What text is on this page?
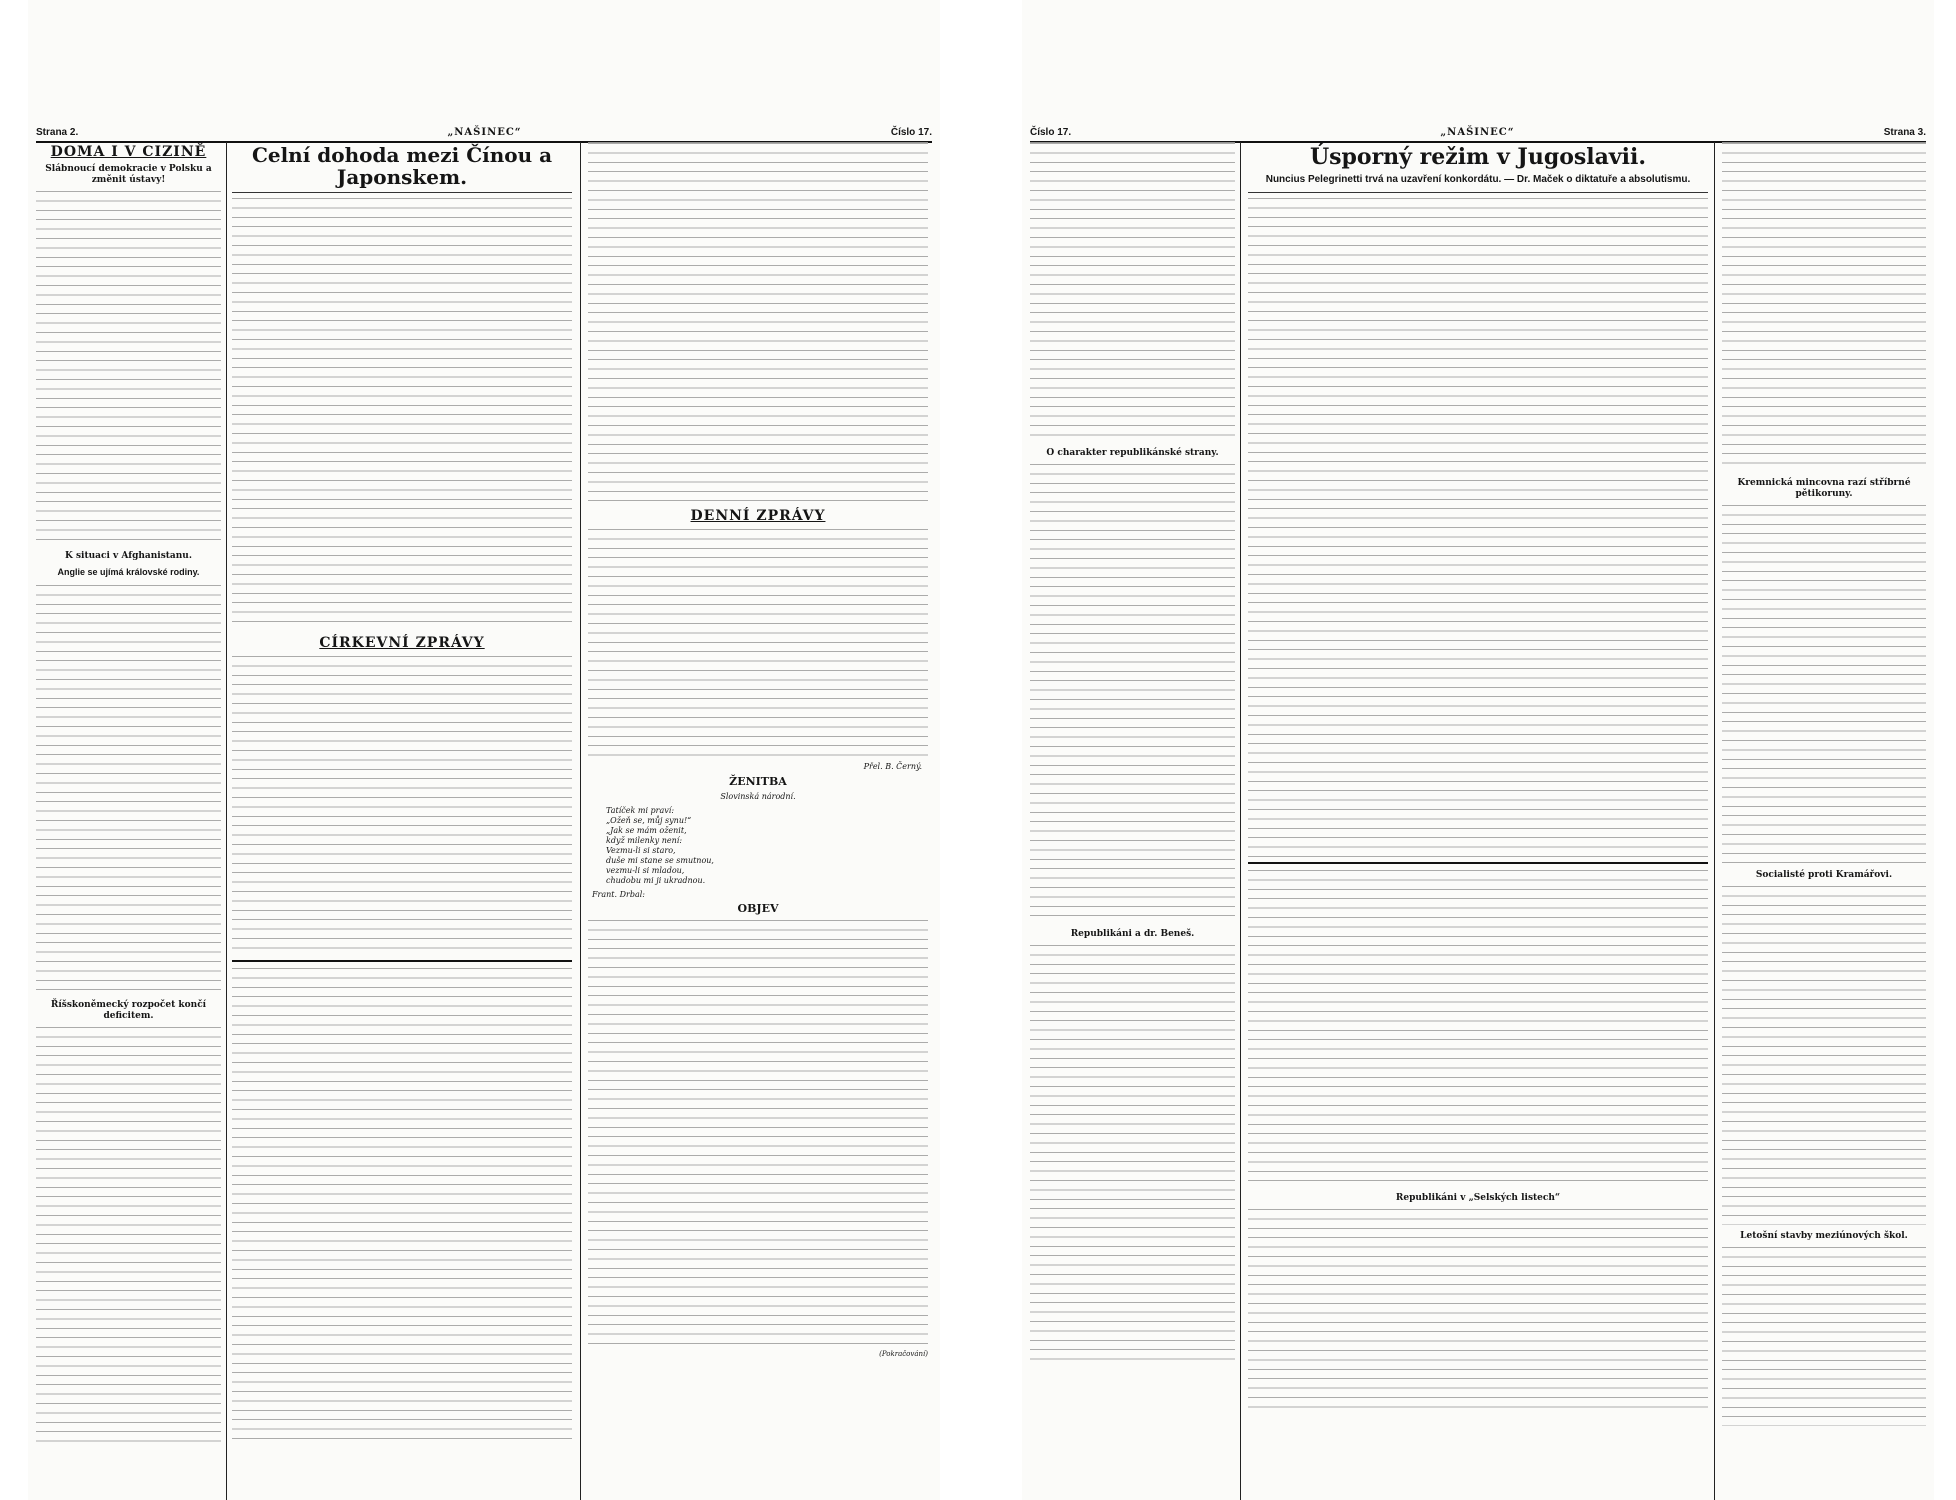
Strana 2.	„NAŠINEC“	Číslo 17.
DOMA I V CIZINĚ
Slábnoucí demokracie v Polsku a změnit ústavy!
K situaci v Afghanistanu.
Anglie se ujímá královské rodiny.
Říšskoněmecký rozpočet končí deficitem.
Celní dohoda mezi Čínou a Japonskem.
CÍRKEVNÍ ZPRÁVY
DENNÍ ZPRÁVY
Přel. B. Černý.
ŽENITBA
Slovinská národní.
Tatíček mi praví:
„Ožeň se, můj synu!“
„Jak se mám oženit,
když milenky není:
Vezmu-li si staro,
duše mi stane se smutnou,
vezmu-li si mladou,
chudobu mi ji ukradnou.
Frant. Drbal:
OBJEV
(Pokračování)
Číslo 17.	„NAŠINEC“	Strana 3.
O charakter republikánské strany.
Republikáni a dr. Beneš.
Úsporný režim v Jugoslavii.
Nuncius Pelegrinetti trvá na uzavření konkordátu. — Dr. Maček o diktatuře a absolutismu.
Republikáni v „Selských listech“
Kremnická mincovna razí stříbrné pětikoruny.
Socialisté proti Kramářovi.
Letošní stavby meziúnových škol.
